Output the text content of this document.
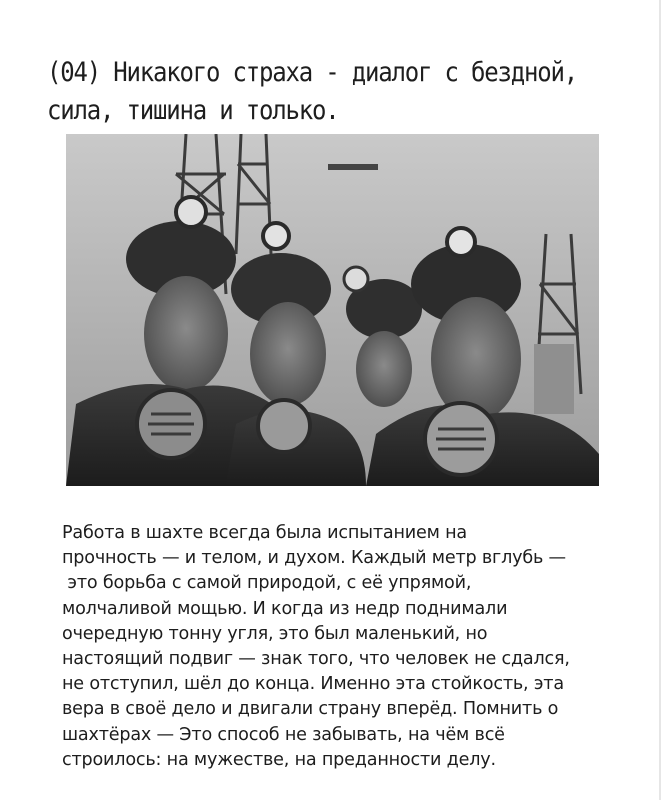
(04) Никакого страха - диалог с бездной,
сила, тишина и только.
Работа в шахте всегда была испытанием на
прочность — и телом, и духом. Каждый метр вглубь —
это борьба с самой природой, с её упрямой,
молчаливой мощью. И когда из недр поднимали
очередную тонну угля, это был маленький, но
настоящий подвиг — знак того, что человек не сдался,
не отступил, шёл до конца. Именно эта стойкость, эта
вера в своё дело и двигали страну вперёд. Помнить о
шахтёрах — Это способ не забывать, на чём всё
строилось: на мужестве, на преданности делу.
